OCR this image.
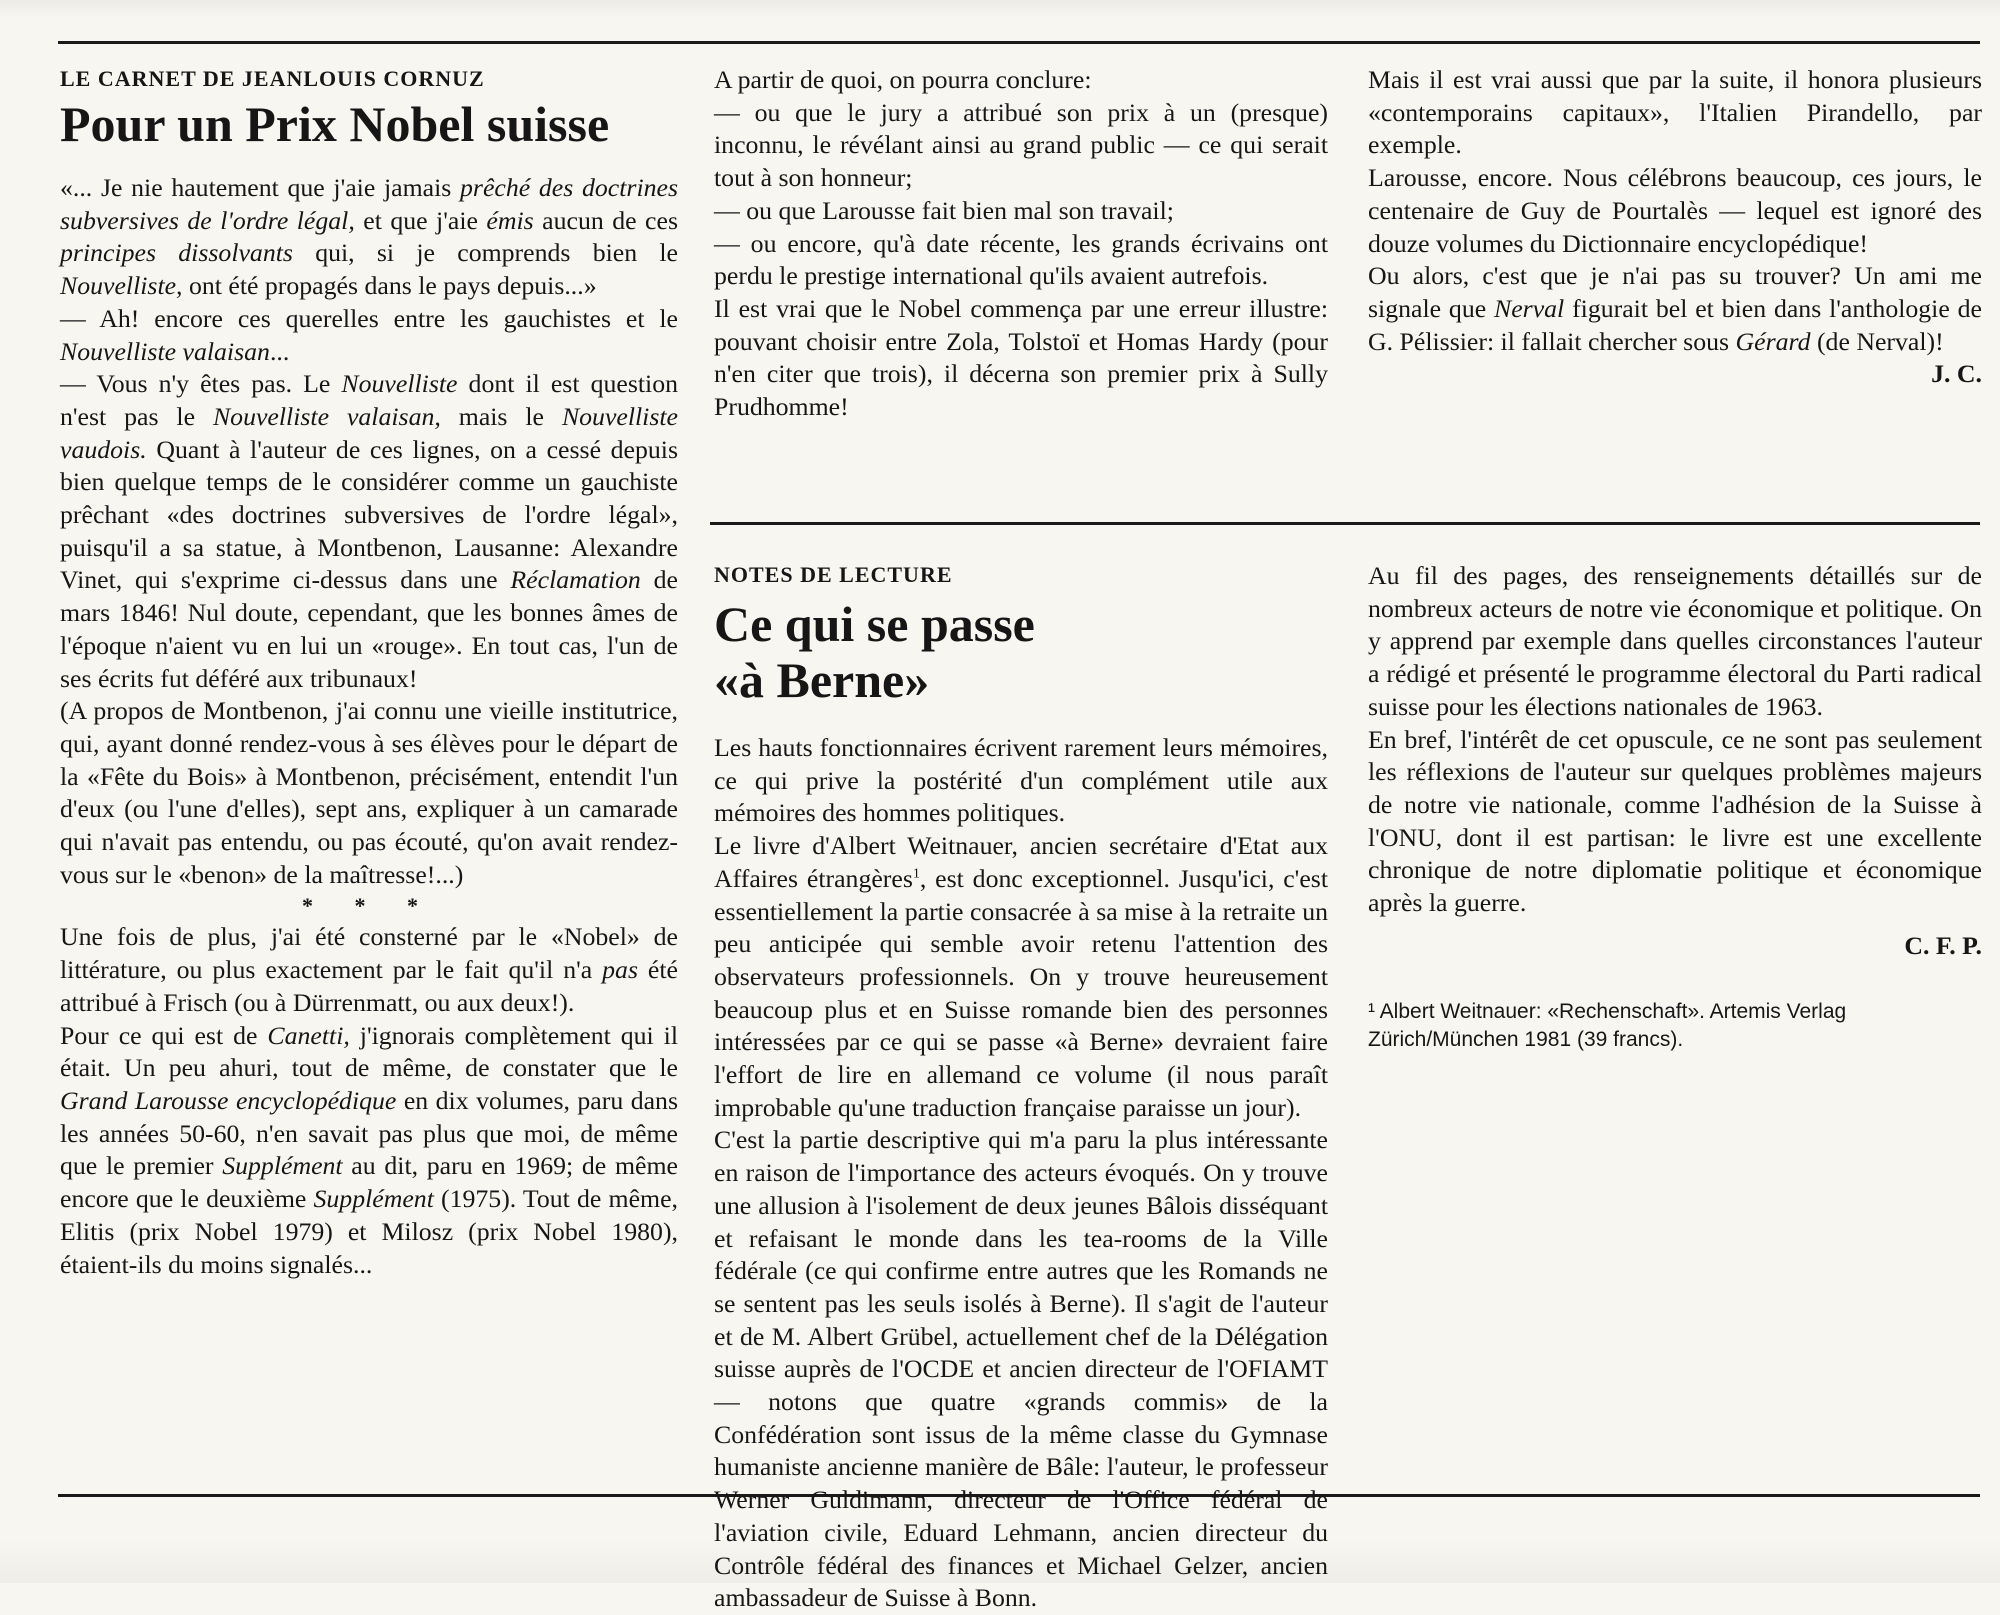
LE CARNET DE JEANLOUIS CORNUZ
Pour un Prix Nobel suisse

«... Je nie hautement que j'aie jamais prêché des doctrines subversives de l'ordre légal, et que j'aie émis aucun de ces principes dissolvants qui, si je comprends bien le Nouvelliste, ont été propagés dans le pays depuis...»

— Ah! encore ces querelles entre les gauchistes et le Nouvelliste valaisan...

— Vous n'y êtes pas. Le Nouvelliste dont il est question n'est pas le Nouvelliste valaisan, mais le Nouvelliste vaudois. Quant à l'auteur de ces lignes, on a cessé depuis bien quelque temps de le considérer comme un gauchiste prêchant «des doctrines subversives de l'ordre légal», puisqu'il a sa statue, à Montbenon, Lausanne: Alexandre Vinet, qui s'exprime ci-dessus dans une Réclamation de mars 1846! Nul doute, cependant, que les bonnes âmes de l'époque n'aient vu en lui un «rouge». En tout cas, l'un de ses écrits fut déféré aux tribunaux!

(A propos de Montbenon, j'ai connu une vieille institutrice, qui, ayant donné rendez-vous à ses élèves pour le départ de la «Fête du Bois» à Montbenon, précisément, entendit l'un d'eux (ou l'une d'elles), sept ans, expliquer à un camarade qui n'avait pas entendu, ou pas écouté, qu'on avait rendez-vous sur le «benon» de la maîtresse!...)

* * *

Une fois de plus, j'ai été consterné par le «Nobel» de littérature, ou plus exactement par le fait qu'il n'a pas été attribué à Frisch (ou à Dürrenmatt, ou aux deux!).

Pour ce qui est de Canetti, j'ignorais complètement qui il était. Un peu ahuri, tout de même, de constater que le Grand Larousse encyclopédique en dix volumes, paru dans les années 50-60, n'en savait pas plus que moi, de même que le premier Supplément au dit, paru en 1969; de même encore que le deuxième Supplément (1975). Tout de même, Elitis (prix Nobel 1979) et Milosz (prix Nobel 1980), étaient-ils du moins signalés...

NOTES DE LECTURE
Ce qui se passe
«à Berne»

Les hauts fonctionnaires écrivent rarement leurs mémoires, ce qui prive la postérité d'un complément utile aux mémoires des hommes politiques.

Le livre d'Albert Weitnauer, ancien secrétaire d'Etat aux Affaires étrangères$^1$, est donc exceptionnel. Jusqu'ici, c'est essentiellement la partie consacrée à sa mise à la retraite un peu anticipée qui semble avoir retenu l'attention des observateurs professionnels. On y trouve heureusement beaucoup plus et en Suisse romande bien des personnes intéressées par ce qui se passe «à Berne» devraient faire l'effort de lire en allemand ce volume (il nous paraît improbable qu'une traduction française paraisse un jour).

C'est la partie descriptive qui m'a paru la plus intéressante en raison de l'importance des acteurs évoqués. On y trouve une allusion à l'isolement de deux jeunes Bâlois disséquant et refaisant le monde dans les tea-rooms de la Ville fédérale (ce qui confirme entre autres que les Romands ne se sentent pas les seuls isolés à Berne). Il s'agit de l'auteur et de M. Albert Grübel, actuellement chef de la Délégation suisse auprès de l'OCDE et ancien directeur de l'OFIAMT — notons que quatre «grands commis» de la Confédération sont issus de la même classe du Gymnase humaniste ancienne manière de Bâle: l'auteur, le professeur Werner Guldimann, directeur de l'Office fédéral de l'aviation civile, Eduard Lehmann, ancien directeur du Contrôle fédéral des finances et Michael Gelzer, ancien ambassadeur de Suisse à Bonn.

Au fil des pages, des renseignements détaillés sur de nombreux acteurs de notre vie économique et politique. On y apprend par exemple dans quelles circonstances l'auteur a rédigé et présenté le programme électoral du Parti radical suisse pour les élections nationales de 1963.

En bref, l'intérêt de cet opuscule, ce ne sont pas seulement les réflexions de l'auteur sur quelques problèmes majeurs de notre vie nationale, comme l'adhésion de la Suisse à l'ONU, dont il est partisan: le livre est une excellente chronique de notre diplomatie politique et économique après la guerre.

C. F. P.

¹ Albert Weitnauer: «Rechenschaft». Artemis Verlag Zürich/München 1981 (39 francs).

A partir de quoi, on pourra conclure:

— ou que le jury a attribué son prix à un (presque) inconnu, le révélant ainsi au grand public — ce qui serait tout à son honneur;

— ou que Larousse fait bien mal son travail;

— ou encore, qu'à date récente, les grands écrivains ont perdu le prestige international qu'ils avaient autrefois.

Il est vrai que le Nobel commença par une erreur illustre: pouvant choisir entre Zola, Tolstoï et Homas Hardy (pour n'en citer que trois), il décerna son premier prix à Sully Prudhomme!

Mais il est vrai aussi que par la suite, il honora plusieurs «contemporains capitaux», l'Italien Pirandello, par exemple.

Larousse, encore. Nous célébrons beaucoup, ces jours, le centenaire de Guy de Pourtalès — lequel est ignoré des douze volumes du Dictionnaire encyclopédique!

Ou alors, c'est que je n'ai pas su trouver? Un ami me signale que Nerval figurait bel et bien dans l'anthologie de G. Pélissier: il fallait chercher sous Gérard (de Nerval)!

J. C.
